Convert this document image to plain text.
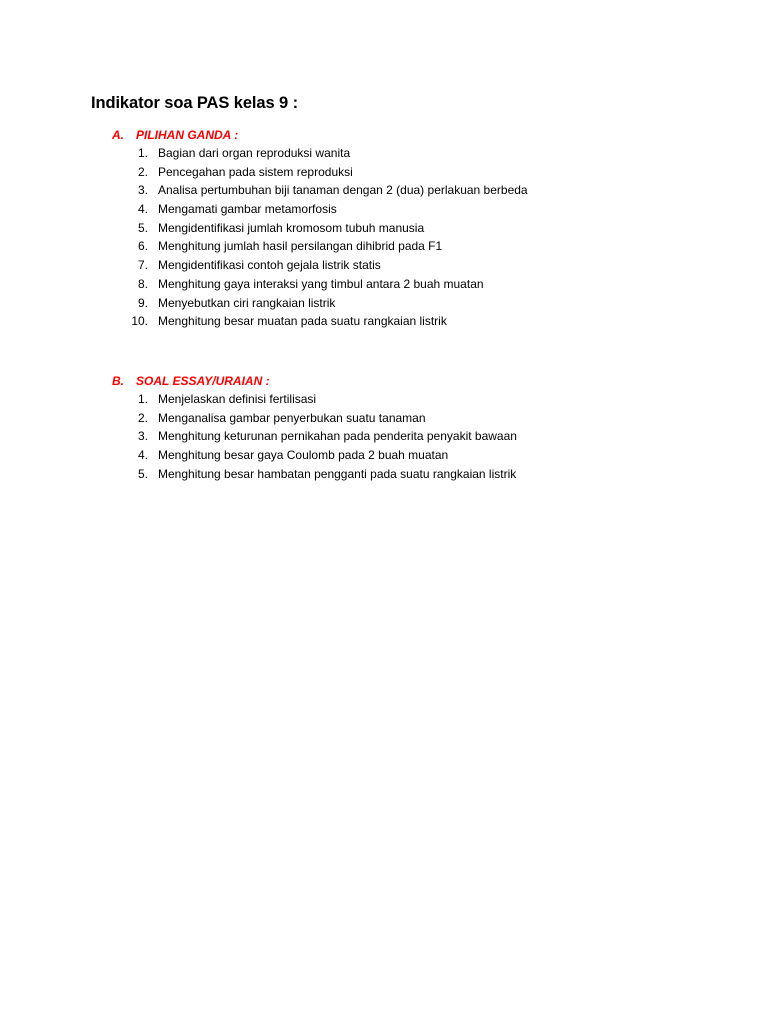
Indikator soa PAS kelas 9 :
A. PILIHAN GANDA :
1. Bagian dari organ reproduksi wanita
2. Pencegahan pada sistem reproduksi
3. Analisa pertumbuhan biji tanaman dengan 2 (dua) perlakuan berbeda
4. Mengamati gambar metamorfosis
5. Mengidentifikasi jumlah kromosom tubuh manusia
6. Menghitung jumlah hasil persilangan dihibrid pada F1
7. Mengidentifikasi contoh gejala listrik statis
8. Menghitung gaya interaksi yang timbul antara 2 buah muatan
9. Menyebutkan ciri rangkaian listrik
10. Menghitung besar muatan pada suatu rangkaian listrik
B. SOAL ESSAY/URAIAN :
1. Menjelaskan definisi fertilisasi
2. Menganalisa gambar penyerbukan suatu tanaman
3. Menghitung keturunan pernikahan pada penderita penyakit bawaan
4. Menghitung besar gaya Coulomb pada 2 buah muatan
5. Menghitung besar hambatan pengganti pada suatu rangkaian listrik
